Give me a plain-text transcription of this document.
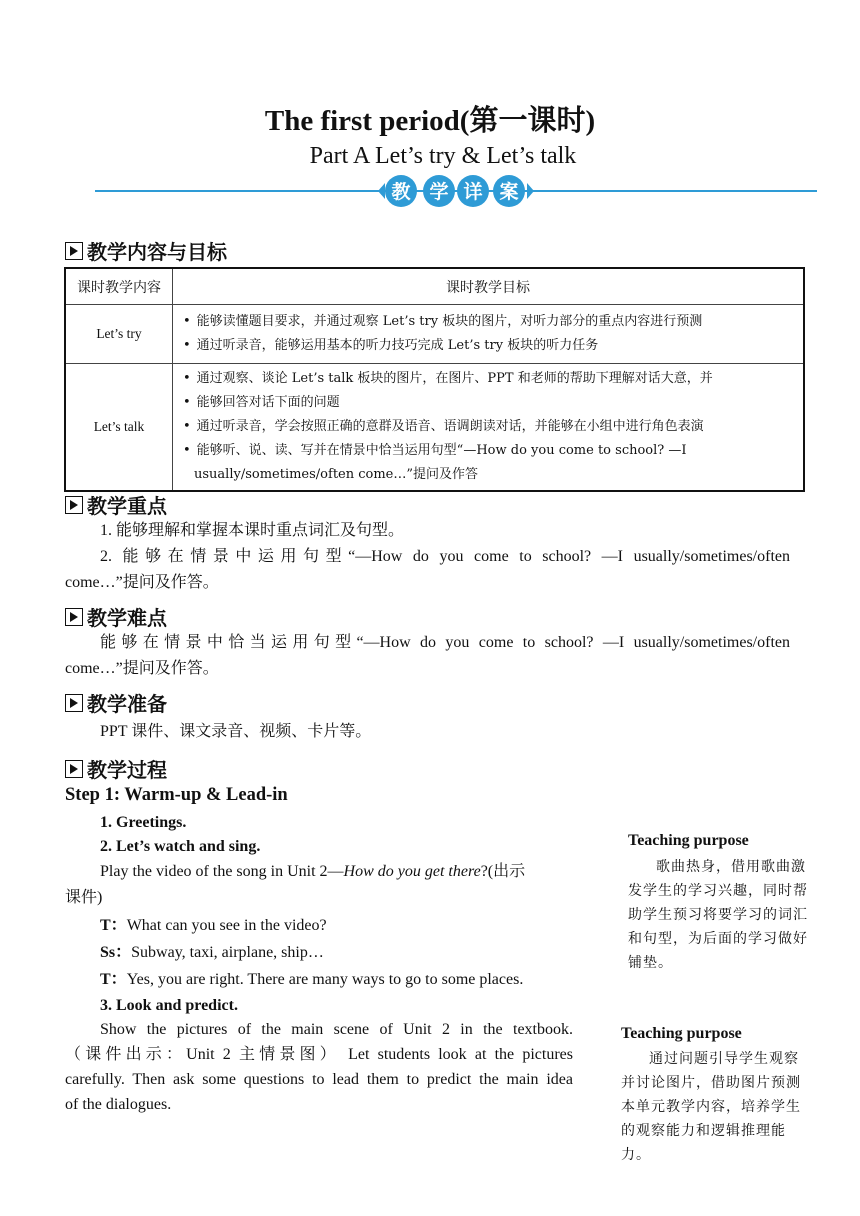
The first period(第一课时)
Part A Let’s try & Let’s talk
教 学 详 案
教学内容与目标
课时教学内容	课时教学目标
Let’s try	• 能够读懂题目要求，并通过观察 Let’s try 板块的图片，对听力部分的重点内容进行预测
• 通过听录音，能够运用基本的听力技巧完成 Let’s try 板块的听力任务

Let’s talk	• 通过观察、谈论 Let’s talk 板块的图片，在图片、PPT 和老师的帮助下理解对话大意，并
• 能够回答对话下面的问题
• 通过听录音，学会按照正确的意群及语音、语调朗读对话，并能够在小组中进行角色表演
• 能够听、说、读、写并在情景中恰当运用句型“—How do you come to school? —I
usually/sometimes/often come…”提问及作答
教学重点
1. 能够理解和掌握本课时重点词汇及句型。
2. 能够在情景中运用句型“—How do you come to school? —I usually/sometimes/often
come…”提问及作答。
教学难点
能够在情景中恰当运用句型“—How do you come to school? —I usually/sometimes/often
come…”提问及作答。
教学准备
PPT 课件、课文录音、视频、卡片等。
教学过程
Step 1: Warm-up & Lead-in
1. Greetings.
2. Let’s watch and sing.
Play the video of the song in Unit 2—How do you get there?(出示
课件)
T：What can you see in the video?
Ss：Subway, taxi, airplane, ship…
T：Yes, you are right. There are many ways to go to some places.
3. Look and predict.
Show the pictures of the main scene of Unit 2 in the textbook.
（课件出示：Unit 2 主情景图） Let students look at the pictures
carefully. Then ask some questions to lead them to predict the main idea
of the dialogues.
Teaching purpose
歌曲热身，借用歌曲激
发学生的学习兴趣，同时帮
助学生预习将要学习的词汇
和句型，为后面的学习做好
铺垫。
Teaching purpose
通过问题引导学生观察
并讨论图片，借助图片预测
本单元教学内容，培养学生
的观察能力和逻辑推理能
力。
